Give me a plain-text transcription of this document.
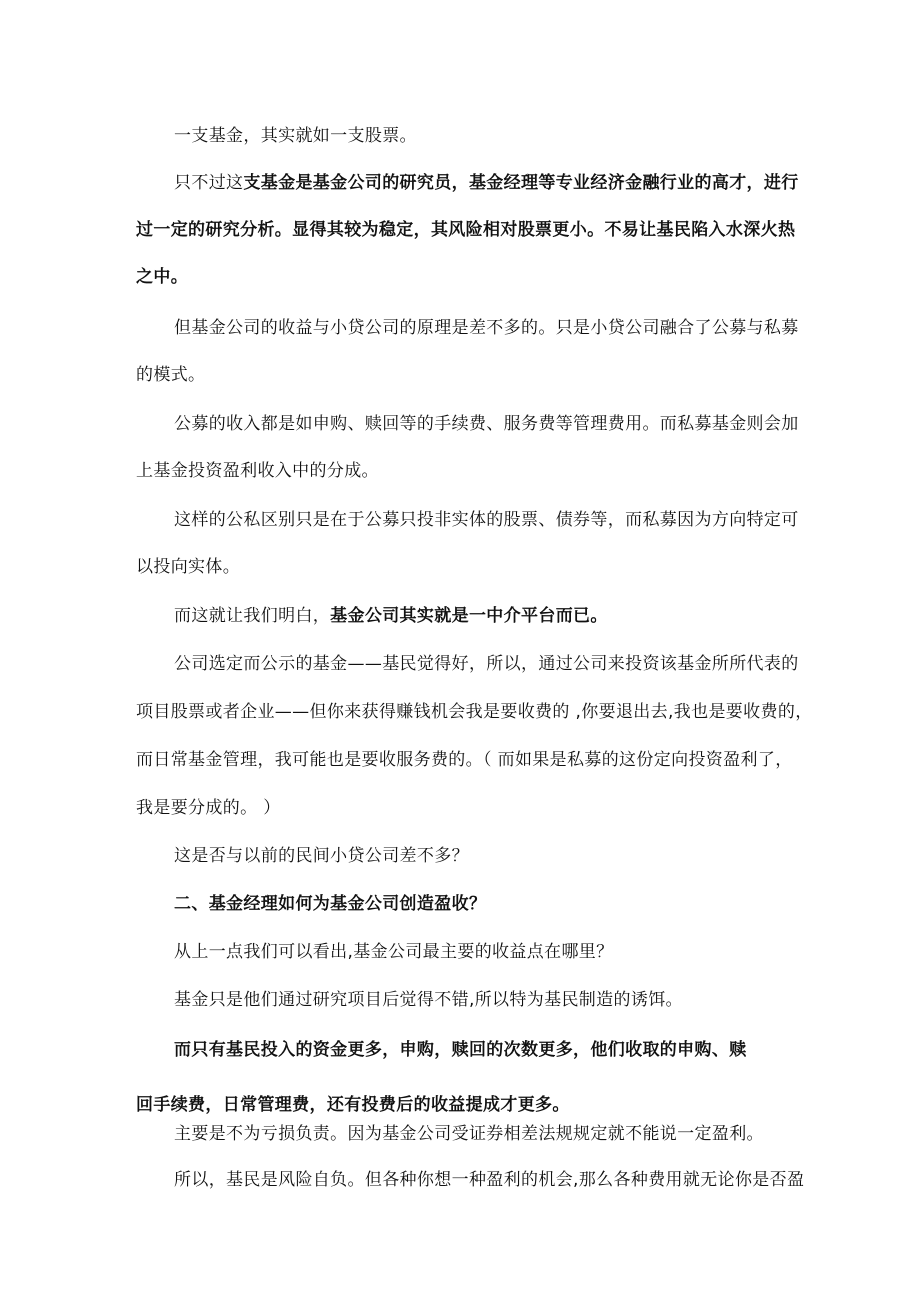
一支基金，其实就如一支股票。
只不过这支基金是基金公司的研究员，基金经理等专业经济金融行业的高才，进行
过一定的研究分析。显得其较为稳定，其风险相对股票更小。不易让基民陷入水深火热
之中。
但基金公司的收益与小贷公司的原理是差不多的。只是小贷公司融合了公募与私募
的模式。
公募的收入都是如申购、赎回等的手续费、服务费等管理费用。而私募基金则会加
上基金投资盈利收入中的分成。
这样的公私区别只是在于公募只投非实体的股票、债券等，而私募因为方向特定可
以投向实体。
而这就让我们明白，基金公司其实就是一中介平台而已。
公司选定而公示的基金——基民觉得好，所以，通过公司来投资该基金所所代表的
项目股票或者企业——但你来获得赚钱机会我是要收费的 ,你要退出去,我也是要收费的，
而日常基金管理，我可能也是要收服务费的。（ 而如果是私募的这份定向投资盈利了，
我是要分成的。 ）
这是否与以前的民间小贷公司差不多？
二、基金经理如何为基金公司创造盈收？
从上一点我们可以看出,基金公司最主要的收益点在哪里？
基金只是他们通过研究项目后觉得不错,所以特为基民制造的诱饵。
而只有基民投入的资金更多，申购，赎回的次数更多，他们收取的申购、赎
回手续费，日常管理费，还有投费后的收益提成才更多。
主要是不为亏损负责。因为基金公司受证券相差法规规定就不能说一定盈利。
所以，基民是风险自负。但各种你想一种盈利的机会,那么各种费用就无论你是否盈
